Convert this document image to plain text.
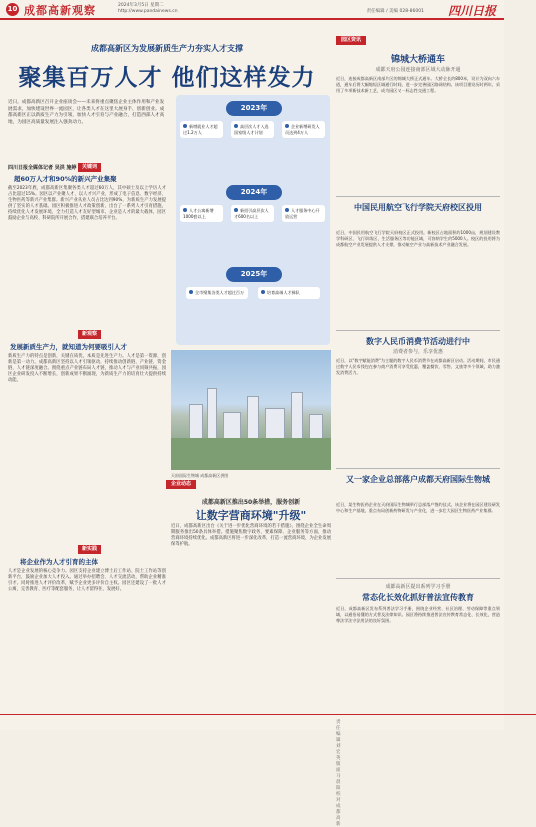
10 成都高新观察	2024年3月5日 星期二
http://www.pandainews.cn	责任编辑 / 美编 028-86001 四川日报
成都高新区为发展新质生产力夯实人才支撑
聚集百万人才 他们这样发力
近日，成都高新区召开企业座谈会——未来将重点聚焦企业主体作用和产业发展需求，加快建设世界一流园区，让各类人才在这里大展身手、创新创业。成都高新区正以新质生产力为引领，加快人才引育与产业融合，打造西部人才高地，为园区高质量发展注入强劲动力。
四川日报全媒体记者 吴洪 施婷
2023年
新增就业人才超过1.2万人
高层次人才入选国家级人才计划
企业新增研发人员达到4万人
2024年
人才公寓新增1000套以上
新招引高层次人才600名以上
人才服务中心开放运营
2025年
全市聚集各类人才超过百万	培育高端人才梯队
关键词
超60万人才和90%的新兴产业集聚
截至2023年底，成都高新区集聚各类人才超过60万人，其中硕士及以上学历人才占比超过15%。园区以产业聚人才、以人才兴产业，形成了电子信息、数字经济、生物医药等新兴产业集群。新兴产业从业人员占比达到90%，为新质生产力发展提供了坚实的人才基础。园区积极推进人才政策创新，出台了一系列人才引育措施，持续优化人才发展环境，全力打造人才友好型城市。企业是人才的最大载体，园区鼓励企业与高校、科研院所开展合作，搭建联合培养平台。
新观察
发展新质生产力，就知道为何要吸引人才
新质生产力的特点是创新，关键在质优，本质是先进生产力。人才是第一资源，创新是第一动力。成都高新区坚持以人才引领驱动，持续推动创新链、产业链、资金链、人才链深度融合。围绕重点产业链布局人才链，推动人才与产业同频共振，园区企业研发投入不断增长，创新成果不断涌现，为新质生产力的培育壮大提供持续动能。
新实践
将企业作为人才引育的主体
人才是企业发展的核心竞争力。园区支持企业建立博士后工作站、院士工作站等创新平台，鼓励企业加大人才投入。通过举办招聘会、人才交流活动，帮助企业精准引才。同时推进人才评价改革，赋予企业更多评价自主权。园区还建设了一批人才公寓，完善教育、医疗等配套服务，让人才留得住、发展好。
天府国际生物城 成都高新区供图
企业动态
成都高新区推出50条举措，服务创新
让数字营商环境"升级"
近日，成都高新区出台《关于进一步优化营商环境的若干措施》，围绕企业全生命周期服务推出50条具体举措。措施聚焦数字政务、要素保障、企业服务等方面，推动营商环境持续优化。成都高新区将进一步深化改革，打造一流营商环境，为企业发展保驾护航。
园区资讯
锦城大桥通车
成都天府公园连接南部区域大动脉开通
近日，连接成都高新区南部片区的锦城大桥正式通车。大桥全长约800米，设计为双向六车道，通车后将大幅缩短区域通行时间，进一步完善园区路网结构。该项目建设历时两年，采用了多项新技术新工艺，成为园区又一标志性交通工程。
中国民用航空飞行学院天府校区投用
近日，中国民用航空飞行学院天府校区正式投用。新校区占地面积约1000亩，规划建设教学科研区、飞行训练区、生活服务区等功能区域，可容纳学生约5000人。校区的投用将为成都航空产业发展提供人才支撑，推动航空产业与高新技术产业融合发展。
数字人民币消费节活动进行中
消费者参与，乐享优惠
近日，以"数字赋能消费"为主题的数字人民币消费节在成都高新区启动。活动期间，市民通过数字人民币钱包在参与商户消费可享受优惠，覆盖餐饮、零售、文旅等多个领域，助力激发消费活力。
又一家企业总部落户成都天府国际生物城
近日，某生物医药企业在天府国际生物城举行总部落户签约仪式。该企业将在园区建设研发中心和生产基地，重点布局创新药物研发与产业化，进一步壮大园区生物医药产业集群。
成都高新区提出系列学习手册
常态化长效化抓好普法宣传教育
近日，成都高新区发布系列普法学习手册，围绕企业经营、社区治理、劳动保障等重点领域，以通俗易懂的方式普及法律知识。园区将持续推进普法宣传教育常态化、长效化，营造尊法学法守法用法的良好氛围。
责任编辑 刘宏英 版面 马晨阳 校对 成都高新
